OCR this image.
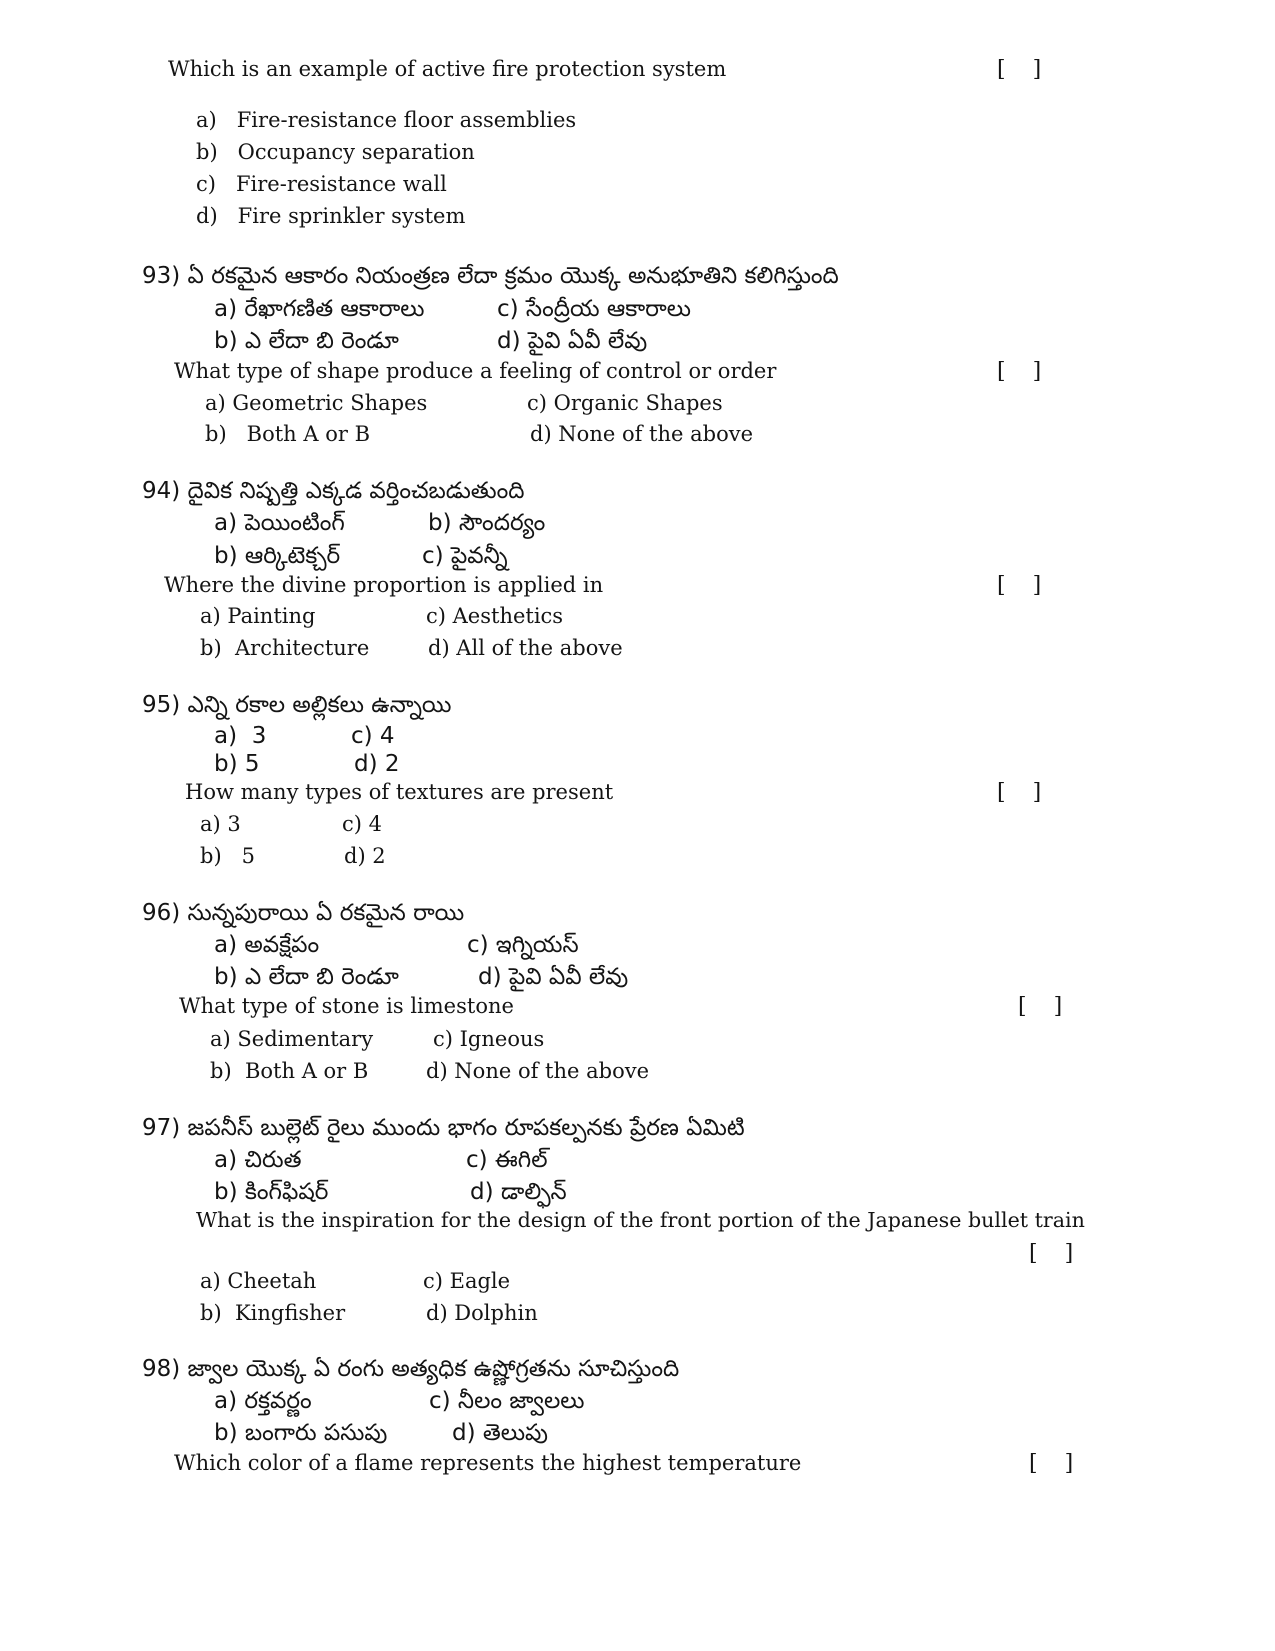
Which is an example of active fire protection system	[ ]
a)   Fire-resistance floor assemblies
b)   Occupancy separation
c)   Fire-resistance wall
d)   Fire sprinkler system
93) ఏ రకమైన ఆకారం నియంత్రణ లేదా క్రమం యొక్క అనుభూతిని కలిగిస్తుంది
a) రేఖాగణిత ఆకారాలు	c) సేంద్రీయ ఆకారాలు
b) ఎ లేదా బి రెండూ	d) పైవి ఏవీ లేవు
What type of shape produce a feeling of control or order	[ ]
a) Geometric Shapes	c) Organic Shapes
b)   Both A or B	d) None of the above
94) దైవిక నిష్పత్తి ఎక్కడ వర్తించబడుతుంది
a) పెయింటింగ్	b) సౌందర్యం
b) ఆర్కిటెక్చర్	c) పైవన్నీ
Where the divine proportion is applied in	[ ]
a) Painting	c) Aesthetics
b)  Architecture	d) All of the above
95) ఎన్ని రకాల అల్లికలు ఉన్నాయి
a)  3	c) 4
b) 5	d) 2
How many types of textures are present	[ ]
a) 3	c) 4
b)   5	d) 2
96) సున్నపురాయి ఏ రకమైన రాయి
a) అవక్షేపం	c) ఇగ్నియస్
b) ఎ లేదా బి రెండూ	d) పైవి ఏవీ లేవు
What type of stone is limestone	[ ]
a) Sedimentary	c) Igneous
b)  Both A or B	d) None of the above
97) జపనీస్ బుల్లెట్ రైలు ముందు భాగం రూపకల్పనకు ప్రేరణ ఏమిటి
a) చిరుత	c) ఈగిల్
b) కింగ్‌ఫిషర్	d) డాల్ఫిన్
What is the inspiration for the design of the front portion of the Japanese bullet train
[ ]
a) Cheetah	c) Eagle
b)  Kingfisher	d) Dolphin
98) జ్వాల యొక్క ఏ రంగు అత్యధిక ఉష్ణోగ్రతను సూచిస్తుంది
a) రక్తవర్ణం	c) నీలం జ్వాలలు
b) బంగారు పసుపు	d) తెలుపు
Which color of a flame represents the highest temperature	[ ]
